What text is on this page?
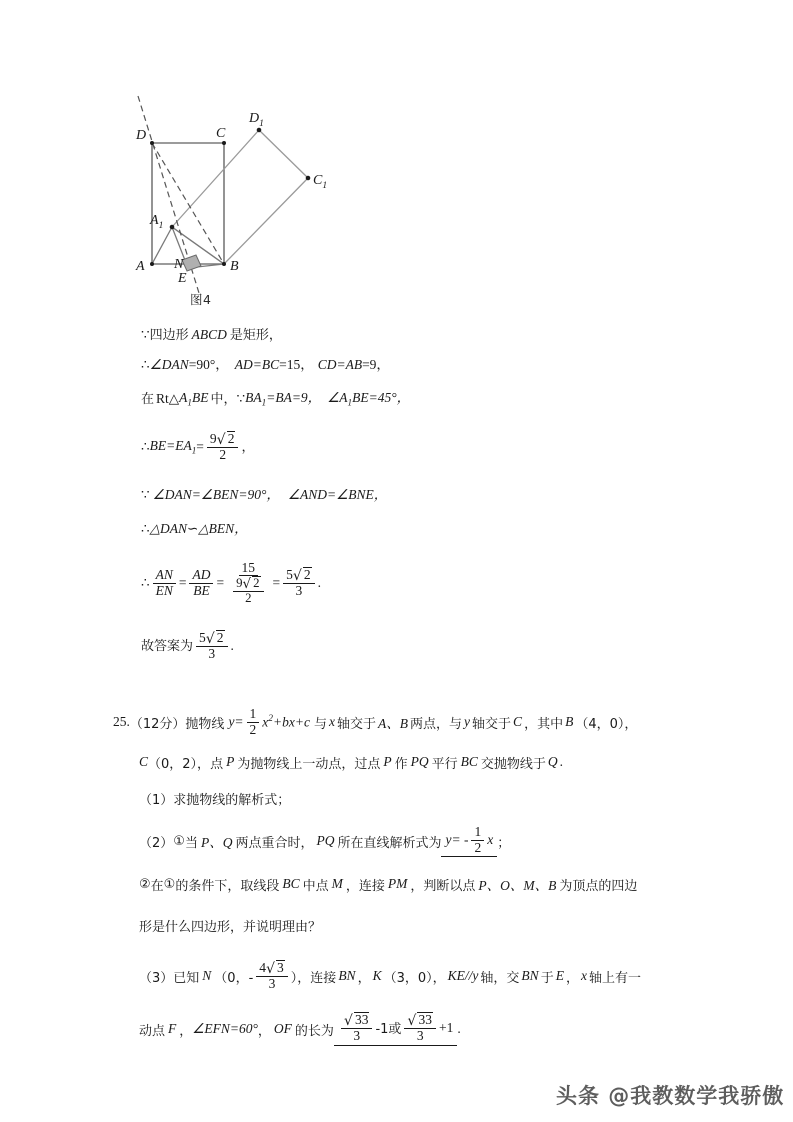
A	B
C
D
E
N
$A_1$
$D_1$
$C_1$
图4
∵ 四边形 ABCD 是矩形，
∴ ∠DAN =90°， AD=BC =15， CD=AB =9，
在 Rt △ $A_1BE$ 中， ∵ $BA_1=BA=9$， $\angle A_1BE=45^\circ$，
∴ $BE=EA_1 = \frac{9√ 2}{2}$ ，
∵ ∠DAN=∠BEN=90°， ∠AND=∠BNE，
∴ △DAN ∽ △BEN，
∴ $\frac{AN}{EN} = \frac{AD}{BE} = \frac{15}{\frac{9√ 2}{2}} = \frac{5√ 2}{3}$ .
故答案为 $\frac{5√ 2}{3}$ .
25. （12分） 抛物线 $y= \frac{1}{2} x^2+bx+c$ 与 x 轴交于 A、B 两点，与 y 轴交于 C ，其中 B （4，0），
C （0，2）， 点 P 为抛物线上一动点，过点 P 作 PQ 平行 BC 交抛物线于 Q .
（1）求抛物线的解析式；
（2） ① 当 P、Q 两点重合时， PQ 所在直线解析式为 $y= - \frac{1}{2}$ x ；
② 在 ① 的条件下，取线段 BC 中点 M ，连接 PM ，判断以点 P、O、M、B 为顶点的四边
形是什么四边形，并说明理由？
（3）已知 N （0，- $\frac{4√ 3}{3}$ ），连接 BN ， K （3，0）， KE//y 轴，交 BN 于 E ， x 轴上有一
动点 F ， ∠EFN=60° ， OF 的长为 $\frac{√ 33}{3} -1$或 $\frac{√ 33}{3} +1$ .
头条 @我教数学我骄傲
